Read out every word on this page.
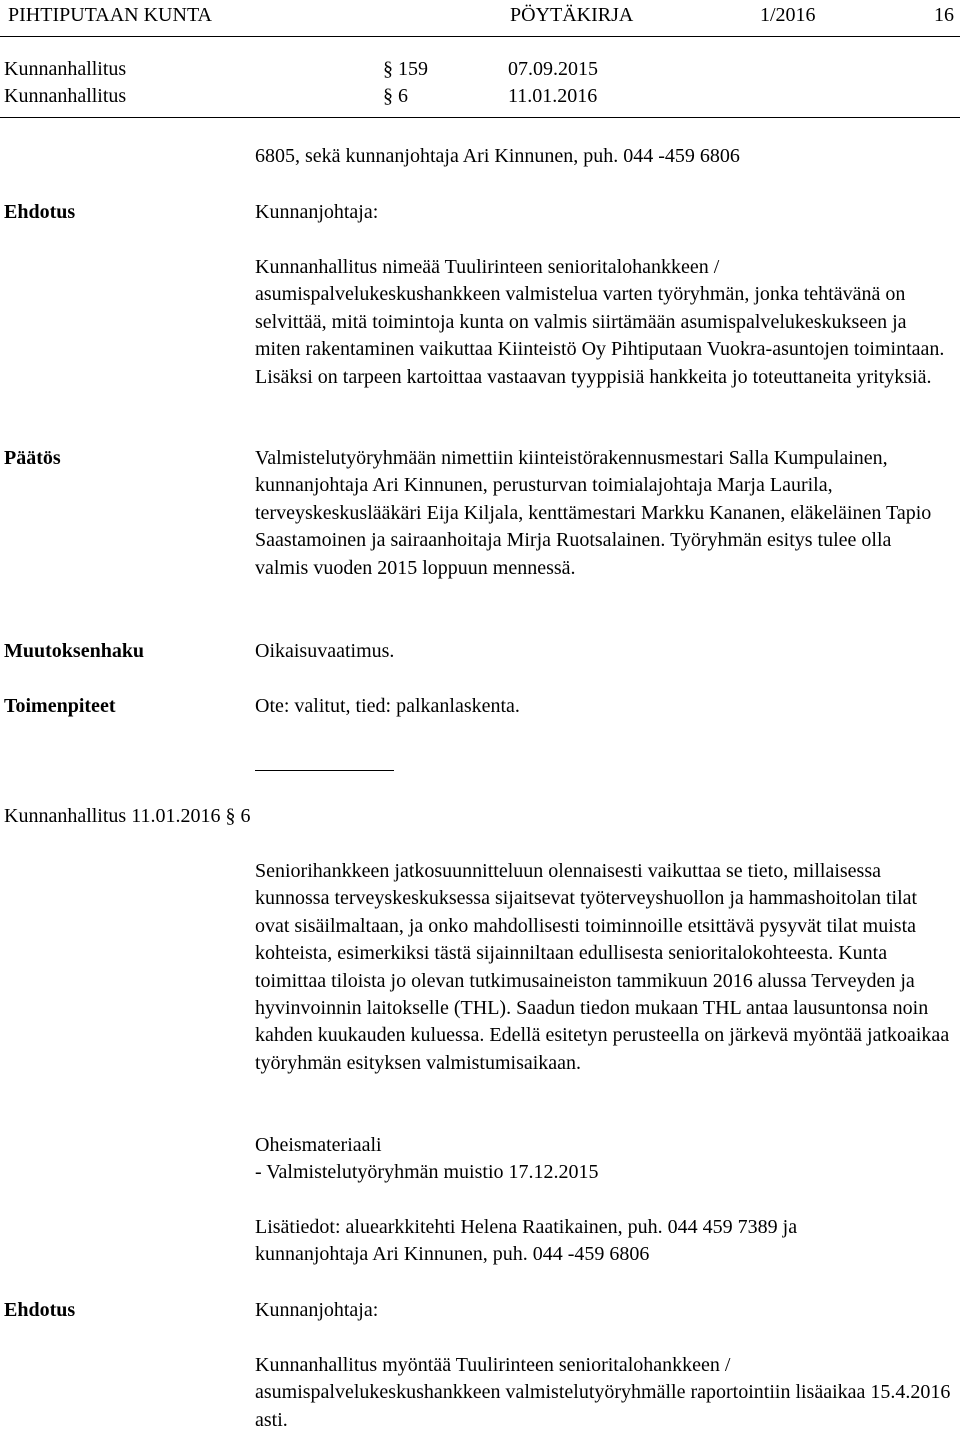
PIHTIPUTAAN KUNTA	PÖYTÄKIRJA	1/2016	16
Kunnanhallitus	§ 159	07.09.2015
Kunnanhallitus	§ 6	11.01.2016
6805, sekä kunnanjohtaja Ari Kinnunen, puh. 044 -459 6806
Ehdotus	Kunnanjohtaja:

Kunnanhallitus nimeää Tuulirinteen senioritalohankkeen / asumispalvelukeskushankkeen valmistelua varten työryhmän, jonka tehtävänä on selvittää, mitä toimintoja kunta on valmis siirtämään asumispalvelukeskukseen ja miten rakentaminen vaikuttaa Kiinteistö Oy Pihtiputaan Vuokra-asuntojen toimintaan. Lisäksi on tarpeen kartoittaa vastaavan tyyppisiä hankkeita jo toteuttaneita yrityksiä.

Päätös	Valmistelutyöryhmään nimettiin kiinteistörakennusmestari Salla Kumpulainen, kunnanjohtaja Ari Kinnunen, perusturvan toimialajohtaja Marja Laurila, terveyskeskuslääkäri Eija Kiljala, kenttämestari Markku Kananen, eläkeläinen Tapio Saastamoinen ja sairaanhoitaja Mirja Ruotsalainen. Työryhmän esitys tulee olla valmis vuoden 2015 loppuun mennessä.

Muutoksenhaku	Oikaisuvaatimus.
Toimenpiteet	Ote: valitut, tied: palkanlaskenta.
Kunnanhallitus 11.01.2016 § 6

Seniorihankkeen jatkosuunnitteluun olennaisesti vaikuttaa se tieto, millaisessa kunnossa terveyskeskuksessa sijaitsevat työterveyshuollon ja hammashoitolan tilat ovat sisäilmaltaan, ja onko mahdollisesti toiminnoille etsittävä pysyvät tilat muista kohteista, esimerkiksi tästä sijainniltaan edullisesta senioritalokohteesta. Kunta toimittaa tiloista jo olevan tutkimusaineiston tammikuun 2016 alussa Terveyden ja hyvinvoinnin laitokselle (THL). Saadun tiedon mukaan THL antaa lausuntonsa noin kahden kuukauden kuluessa. Edellä esitetyn perusteella on järkevä myöntää jatkoaikaa työryhmän esityksen valmistumisaikaan.

Oheismateriaali
- Valmistelutyöryhmän muistio 17.12.2015

Lisätiedot: aluearkkitehti Helena Raatikainen, puh. 044 459 7389 ja kunnanjohtaja Ari Kinnunen, puh. 044 -459 6806

Ehdotus	Kunnanjohtaja:

Kunnanhallitus myöntää Tuulirinteen senioritalohankkeen / asumispalvelukeskushankkeen valmistelutyöryhmälle raportointiin lisäaikaa 15.4.2016 asti.
